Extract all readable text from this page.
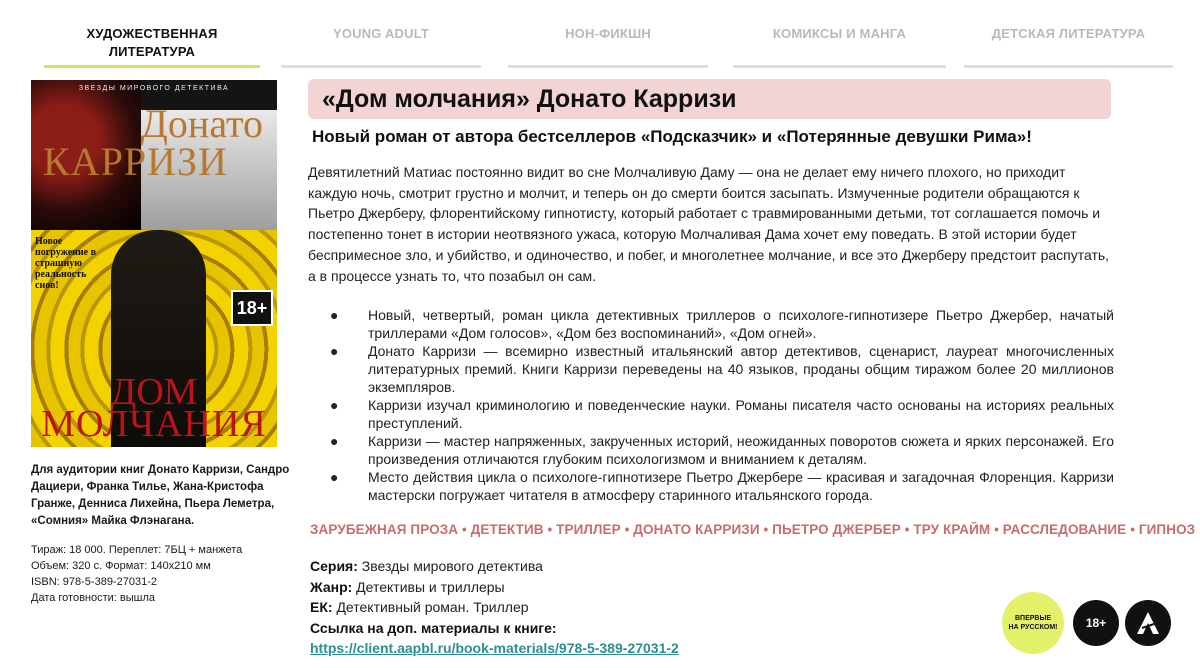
ХУДОЖЕСТВЕННАЯ ЛИТЕРАТУРА
YOUNG ADULT	НОН-ФИКШН	КОМИКСЫ И МАНГА	ДЕТСКАЯ ЛИТЕРАТУРА
ЗВЕЗДЫ МИРОВОГО ДЕТЕКТИВА
Донато
КАРРИЗИ
Новое погружение в страшную реальность снов!
18+
ДОМ
МОЛЧАНИЯ
Для аудитории книг Донато Карризи, Сандро Дациери, Франка Тилье, Жана-Кристофа Гранже, Денниса Лихейна, Пьера Леметра, «Сомния» Майка Флэнагана.
Тираж: 18 000. Переплет: 7БЦ + манжета
Объем: 320 с. Формат: 140х210 мм
ISBN: 978-5-389-27031-2
Дата готовности: вышла
«Дом молчания» Донато Карризи
Новый роман от автора бестселлеров «Подсказчик» и «Потерянные девушки Рима»!
Девятилетний Матиас постоянно видит во сне Молчаливую Даму — она не делает ему ничего плохого, но приходит каждую ночь, смотрит грустно и молчит, и теперь он до смерти боится засыпать. Измученные родители обращаются к Пьетро Джерберу, флорентийскому гипнотисту, который работает с травмированными детьми, тот соглашается помочь и постепенно тонет в истории неотвязного ужаса, которую Молчаливая Дама хочет ему поведать. В этой истории будет беспримесное зло, и убийство, и одиночество, и побег, и многолетнее молчание, и все это Джерберу предстоит распутать, а в процессе узнать то, что позабыл он сам.
● Новый, четвертый, роман цикла детективных триллеров о психологе-гипнотизере Пьетро Джербер, начатый триллерами «Дом голосов», «Дом без воспоминаний», «Дом огней».
● Донато Карризи — всемирно известный итальянский автор детективов, сценарист, лауреат многочисленных литературных премий. Книги Карризи переведены на 40 языков, проданы общим тиражом более 20 миллионов экземпляров.
● Карризи изучал криминологию и поведенческие науки. Романы писателя часто основаны на историях реальных преступлений.
● Карризи — мастер напряженных, закрученных историй, неожиданных поворотов сюжета и ярких персонажей. Его произведения отличаются глубоким психологизмом и вниманием к деталям.
● Место действия цикла о психологе-гипнотизере Пьетро Джербере — красивая и загадочная Флоренция. Карризи мастерски погружает читателя в атмосферу старинного итальянского города.
ЗАРУБЕЖНАЯ ПРОЗА • ДЕТЕКТИВ • ТРИЛЛЕР • ДОНАТО КАРРИЗИ • ПЬЕТРО ДЖЕРБЕР • ТРУ КРАЙМ • РАССЛЕДОВАНИЕ • ГИПНОЗ
Серия: Звезды мирового детектива
Жанр: Детективы и триллеры
ЕК: Детективный роман. Триллер
Ссылка на доп. материалы к книге:
https://client.aapbl.ru/book-materials/978-5-389-27031-2
ВПЕРВЫЕ
НА РУССКОМ!	18+
